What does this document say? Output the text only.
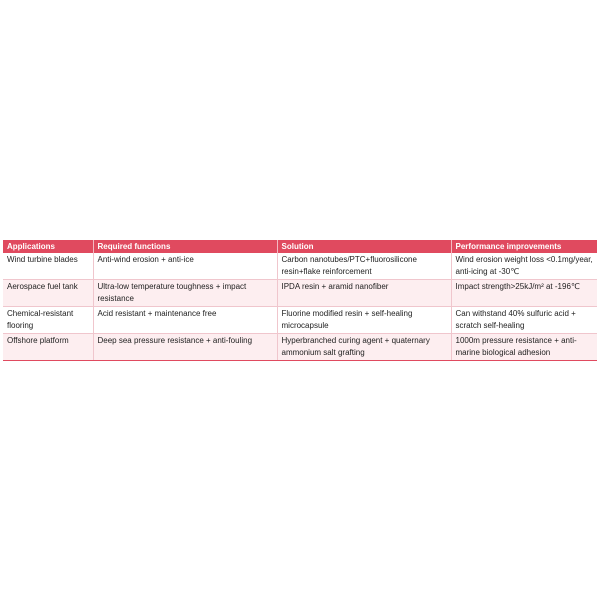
Applications	Required functions	Solution	Performance improvements
Wind turbine blades	Anti-wind erosion + anti-ice	Carbon nanotubes/PTC+fluorosilicone resin+flake reinforcement	Wind erosion weight loss <0.1mg/year, anti-icing at -30℃
Aerospace fuel tank	Ultra-low temperature toughness + impact resistance	IPDA resin + aramid nanofiber	Impact strength>25kJ/m² at -196℃
Chemical-resistant flooring	Acid resistant + maintenance free	Fluorine modified resin + self-healing microcapsule	Can withstand 40% sulfuric acid + scratch self-healing
Offshore platform	Deep sea pressure resistance + anti-fouling	Hyperbranched curing agent + quaternary ammonium salt grafting	1000m pressure resistance + anti-marine biological adhesion
